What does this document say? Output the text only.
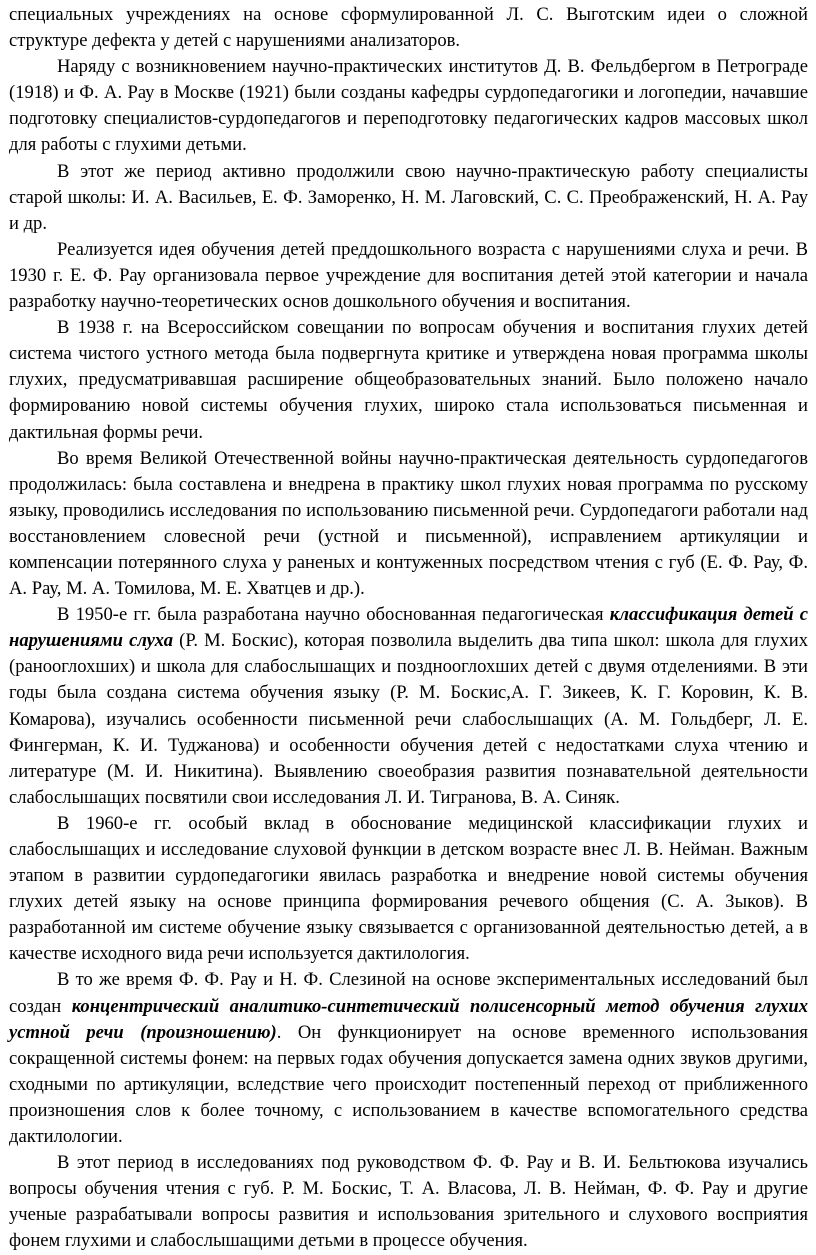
специальных учреждениях на основе сформулированной Л. С. Выготским идеи о сложной структуре дефекта у детей с нарушениями анализаторов.

Наряду с возникновением научно-практических институтов Д. В. Фельдбергом в Петрограде (1918) и Ф. А. Рау в Москве (1921) были созданы кафедры сурдопедагогики и логопедии, начавшие подготовку специалистов-сурдопедагогов и переподготовку педагогических кадров массовых школ для работы с глухими детьми.

В этот же период активно продолжили свою научно-практическую работу специалисты старой школы: И. А. Васильев, Е. Ф. Заморенко, Н. М. Лаговский, С. С. Преображенский, Н. А. Рау и др.

Реализуется идея обучения детей преддошкольного возраста с нарушениями слуха и речи. В 1930 г. Е. Ф. Рау организовала первое учреждение для воспитания детей этой категории и начала разработку научно-теоретических основ дошкольного обучения и воспитания.

В 1938 г. на Всероссийском совещании по вопросам обучения и воспитания глухих детей система чистого устного метода была подвергнута критике и утверждена новая программа школы глухих, предусматривавшая расширение общеобразовательных знаний. Было положено начало формированию новой системы обучения глухих, широко стала использоваться письменная и дактильная формы речи.

Во время Великой Отечественной войны научно-практическая деятельность сурдопедагогов продолжилась: была составлена и внедрена в практику школ глухих новая программа по русскому языку, проводились исследования по использованию письменной речи. Сурдопедагоги работали над восстановлением словесной речи (устной и письменной), исправлением артикуляции и компенсации потерянного слуха у раненых и контуженных посредством чтения с губ (Е. Ф. Рау, Ф. А. Рау, М. А. Томилова, М. Е. Хватцев и др.).

В 1950-е гг. была разработана научно обоснованная педагогическая классификация детей с нарушениями слуха (Р. М. Боскис), которая позволила выделить два типа школ: школа для глухих (ранооглохших) и школа для слабослышащих и позднооглохших детей с двумя отделениями. В эти годы была создана система обучения языку (Р. М. Боскис,А. Г. Зикеев, К. Г. Коровин, К. В. Комарова), изучались особенности письменной речи слабослышащих (А. М. Гольдберг, Л. Е. Фингерман, К. И. Туджанова) и особенности обучения детей с недостатками слуха чтению и литературе (М. И. Никитина). Выявлению своеобразия развития познавательной деятельности слабослышащих посвятили свои исследования Л. И. Тигранова, В. А. Синяк.

В 1960-е гг. особый вклад в обоснование медицинской классификации глухих и слабослышащих и исследование слуховой функции в детском возрасте внес Л. В. Нейман. Важным этапом в развитии сурдопедагогики явилась разработка и внедрение новой системы обучения глухих детей языку на основе принципа формирования речевого общения (С. А. Зыков). В разработанной им системе обучение языку связывается с организованной деятельностью детей, а в качестве исходного вида речи используется дактилология.

В то же время Ф. Ф. Рау и Н. Ф. Слезиной на основе экспериментальных исследований был создан концентрический аналитико-синтетический полисенсорный метод обучения глухих устной речи (произношению). Он функционирует на основе временного использования сокращенной системы фонем: на первых годах обучения допускается замена одних звуков другими, сходными по артикуляции, вследствие чего происходит постепенный переход от приближенного произношения слов к более точному, с использованием в качестве вспомогательного средства дактилологии.

В этот период в исследованиях под руководством Ф. Ф. Рау и В. И. Бельтюкова изучались вопросы обучения чтения с губ. Р. М. Боскис, Т. А. Власова, Л. В. Нейман, Ф. Ф. Рау и другие ученые разрабатывали вопросы развития и использования зрительного и слухового восприятия фонем глухими и слабослышащими детьми в процессе обучения.
